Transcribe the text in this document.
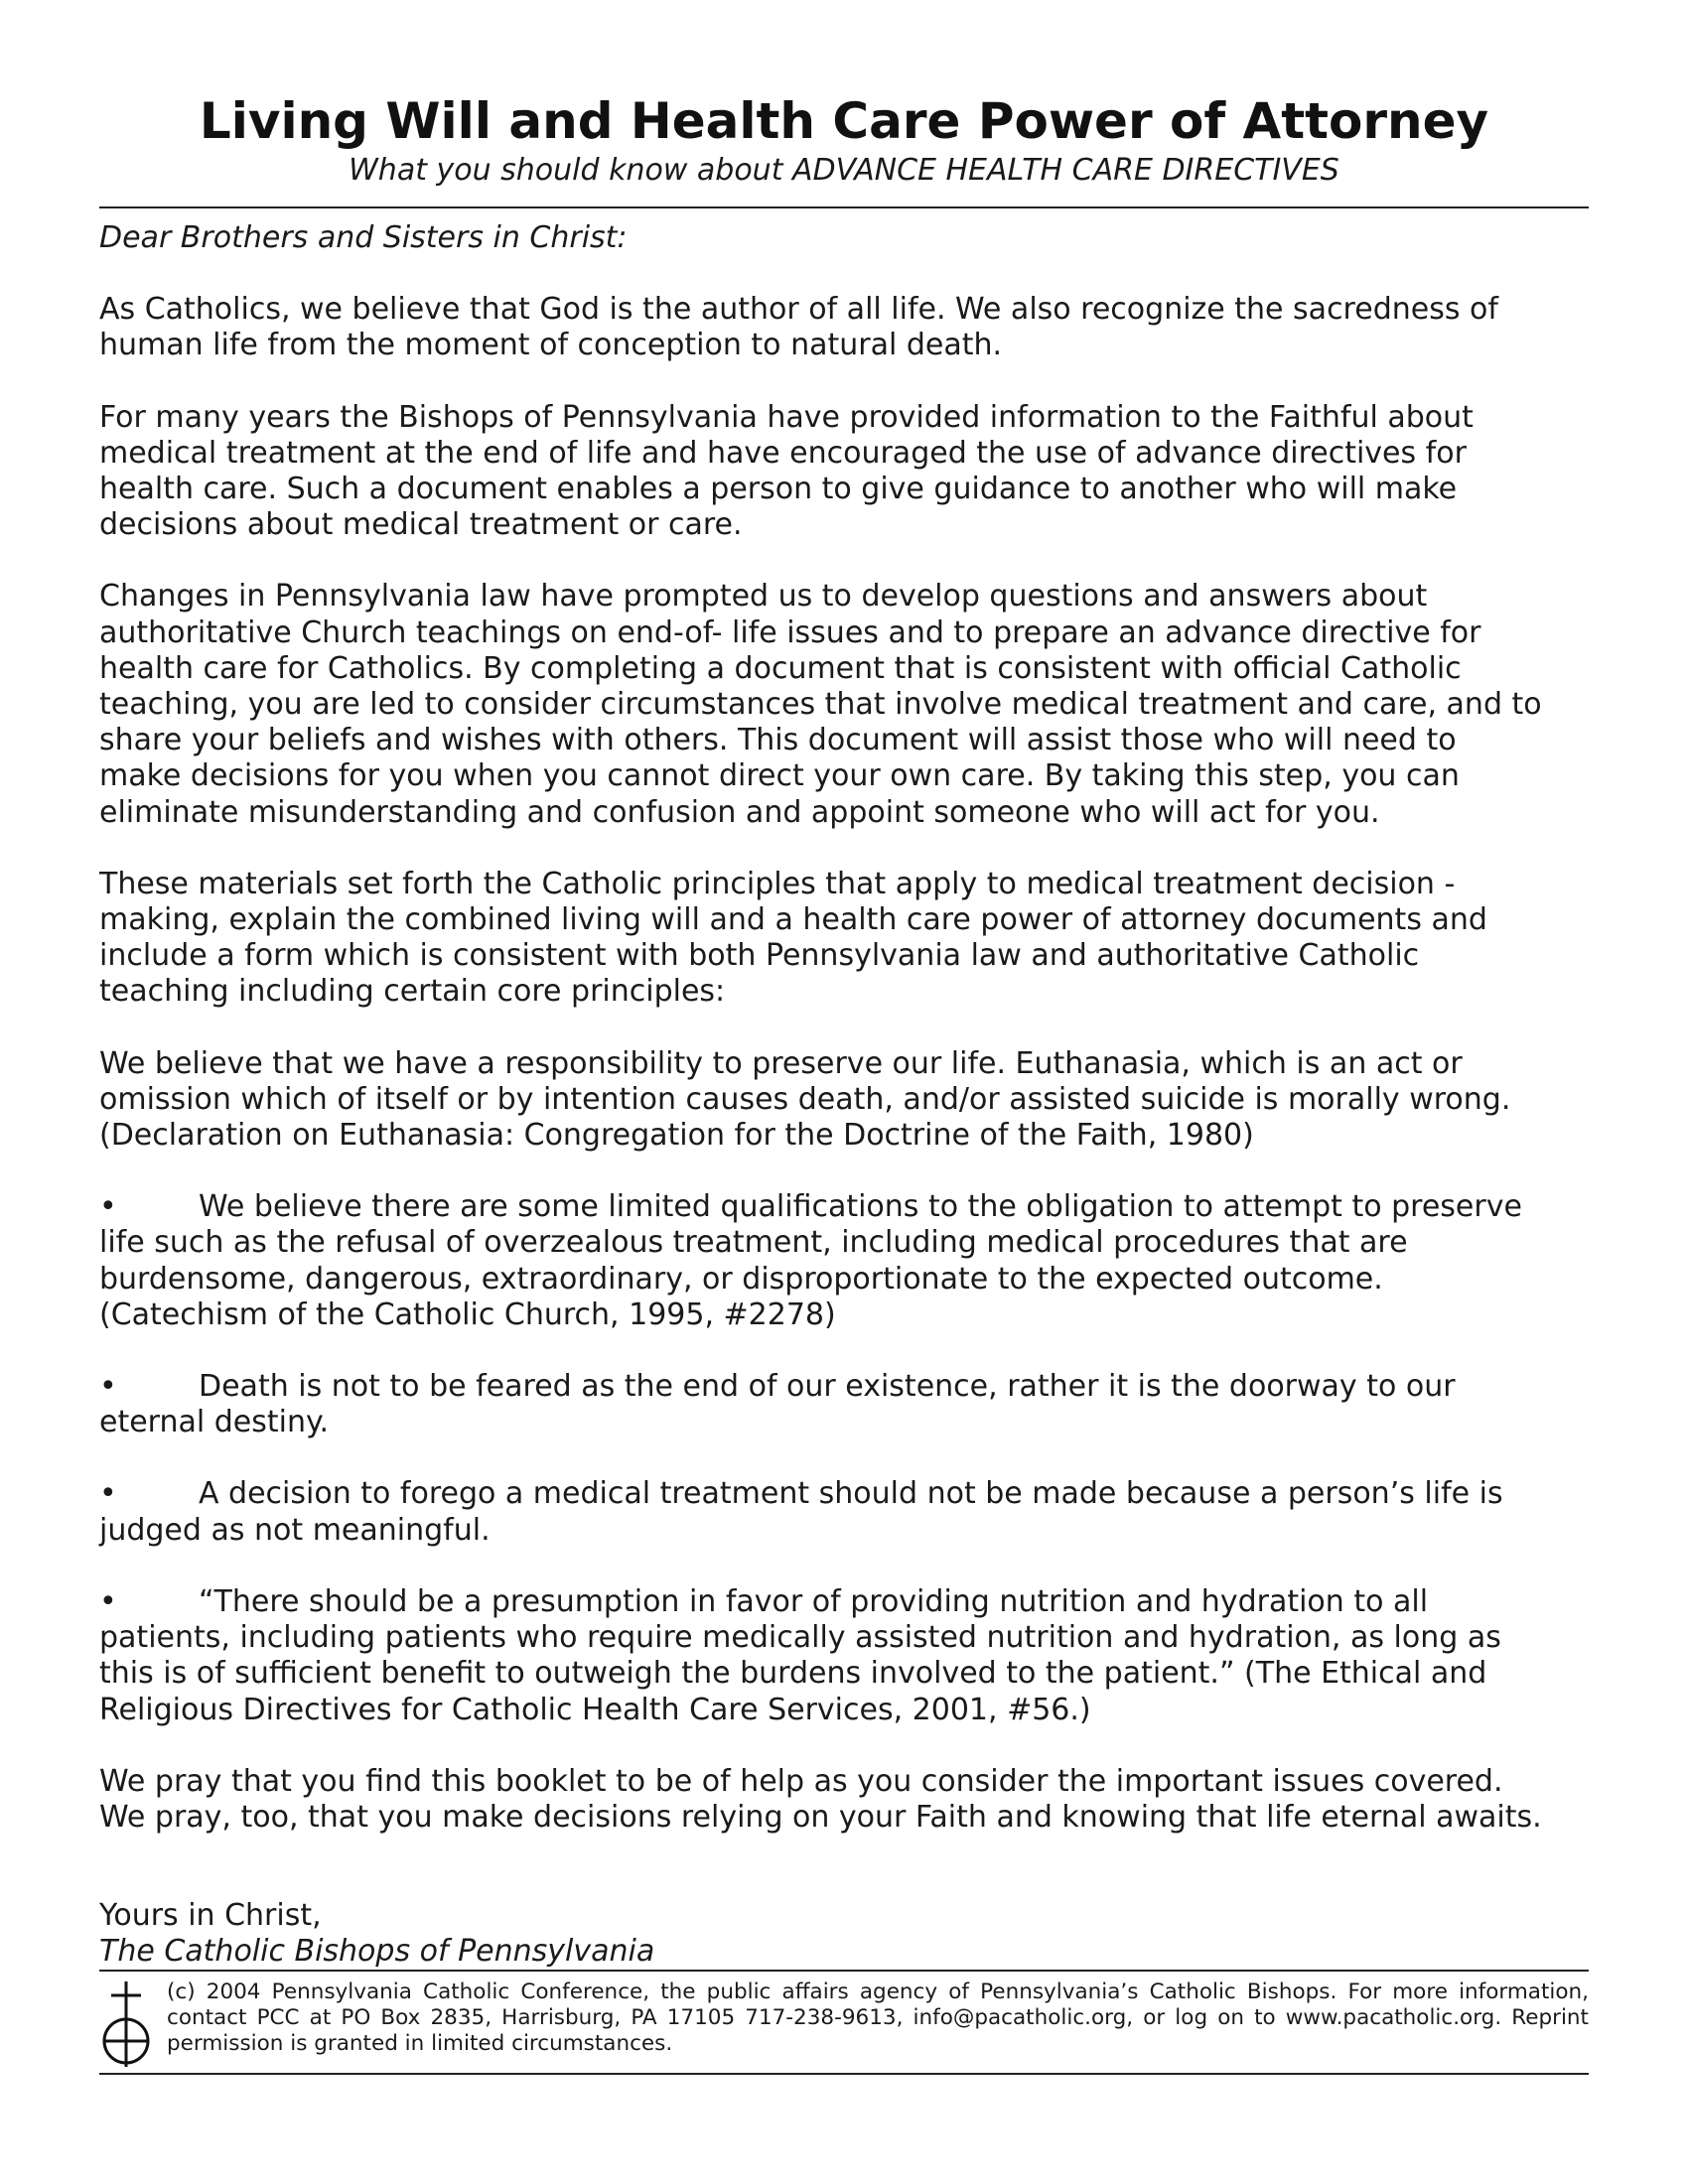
Living Will and Health Care Power of Attorney
What you should know about ADVANCE HEALTH CARE DIRECTIVES

Dear Brothers and Sisters in Christ:

As Catholics, we believe that God is the author of all life. We also recognize the sacredness of
human life from the moment of conception to natural death.

For many years the Bishops of Pennsylvania have provided information to the Faithful about
medical treatment at the end of life and have encouraged the use of advance directives for
health care. Such a document enables a person to give guidance to another who will make
decisions about medical treatment or care.

Changes in Pennsylvania law have prompted us to develop questions and answers about
authoritative Church teachings on end-of- life issues and to prepare an advance directive for
health care for Catholics. By completing a document that is consistent with official Catholic
teaching, you are led to consider circumstances that involve medical treatment and care, and to
share your beliefs and wishes with others. This document will assist those who will need to
make decisions for you when you cannot direct your own care. By taking this step, you can
eliminate misunderstanding and confusion and appoint someone who will act for you.

These materials set forth the Catholic principles that apply to medical treatment decision -
making, explain the combined living will and a health care power of attorney documents and
include a form which is consistent with both Pennsylvania law and authoritative Catholic
teaching including certain core principles:

We believe that we have a responsibility to preserve our life. Euthanasia, which is an act or
omission which of itself or by intention causes death, and/or assisted suicide is morally wrong.
(Declaration on Euthanasia: Congregation for the Doctrine of the Faith, 1980)

•	We believe there are some limited qualifications to the obligation to attempt to preserve
life such as the refusal of overzealous treatment, including medical procedures that are
burdensome, dangerous, extraordinary, or disproportionate to the expected outcome.
(Catechism of the Catholic Church, 1995, #2278)

•	Death is not to be feared as the end of our existence, rather it is the doorway to our
eternal destiny.

•	A decision to forego a medical treatment should not be made because a person’s life is
judged as not meaningful.

•	“There should be a presumption in favor of providing nutrition and hydration to all
patients, including patients who require medically assisted nutrition and hydration, as long as
this is of sufficient benefit to outweigh the burdens involved to the patient.” (The Ethical and
Religious Directives for Catholic Health Care Services, 2001, #56.)

We pray that you find this booklet to be of help as you consider the important issues covered.
We pray, too, that you make decisions relying on your Faith and knowing that life eternal awaits.

Yours in Christ,
The Catholic Bishops of Pennsylvania
(c) 2004 Pennsylvania Catholic Conference, the public affairs agency of Pennsylvania’s Catholic Bishops. For more information, contact PCC at PO Box 2835, Harrisburg, PA 17105 717-238-9613, info@pacatholic.org, or log on to www.pacatholic.org. Reprint permission is granted in limited circumstances.
